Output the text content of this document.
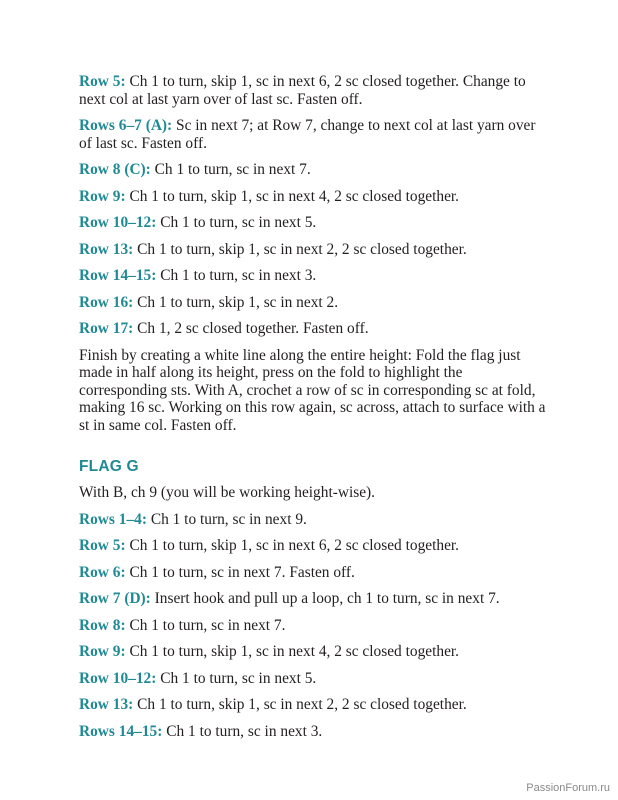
Row 5: Ch 1 to turn, skip 1, sc in next 6, 2 sc closed together. Change to next col at last yarn over of last sc. Fasten off.

Rows 6–7 (A): Sc in next 7; at Row 7, change to next col at last yarn over of last sc. Fasten off.

Row 8 (C): Ch 1 to turn, sc in next 7.

Row 9: Ch 1 to turn, skip 1, sc in next 4, 2 sc closed together.

Row 10–12: Ch 1 to turn, sc in next 5.

Row 13: Ch 1 to turn, skip 1, sc in next 2, 2 sc closed together.

Row 14–15: Ch 1 to turn, sc in next 3.

Row 16: Ch 1 to turn, skip 1, sc in next 2.

Row 17: Ch 1, 2 sc closed together. Fasten off.

Finish by creating a white line along the entire height: Fold the flag just made in half along its height, press on the fold to highlight the corresponding sts. With A, crochet a row of sc in corresponding sc at fold, making 16 sc. Working on this row again, sc across, attach to surface with a st in same col. Fasten off.

FLAG G

With B, ch 9 (you will be working height-wise).

Rows 1–4: Ch 1 to turn, sc in next 9.

Row 5: Ch 1 to turn, skip 1, sc in next 6, 2 sc closed together.

Row 6: Ch 1 to turn, sc in next 7. Fasten off.

Row 7 (D): Insert hook and pull up a loop, ch 1 to turn, sc in next 7.

Row 8: Ch 1 to turn, sc in next 7.

Row 9: Ch 1 to turn, skip 1, sc in next 4, 2 sc closed together.

Row 10–12: Ch 1 to turn, sc in next 5.

Row 13: Ch 1 to turn, skip 1, sc in next 2, 2 sc closed together.

Rows 14–15: Ch 1 to turn, sc in next 3.

PassionForum.ru
